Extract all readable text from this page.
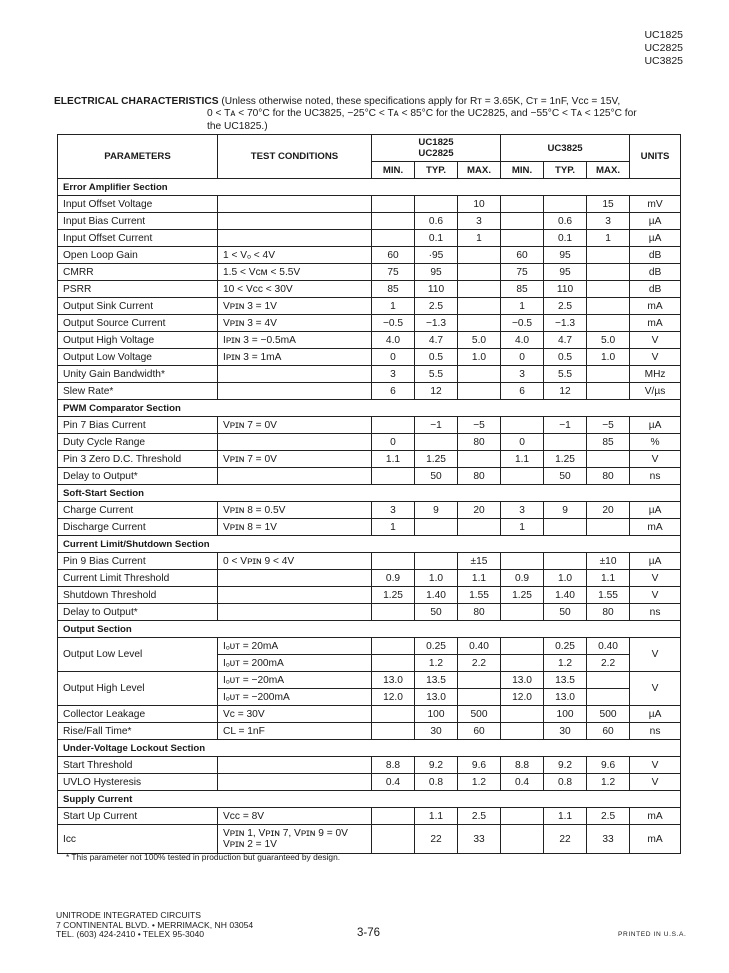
UC1825
UC2825
UC3825
ELECTRICAL CHARACTERISTICS (Unless otherwise noted, these specifications apply for Rᴛ = 3.65K, Cᴛ = 1nF, Vᴄᴄ = 15V,
0 < Tᴀ < 70°C for the UC3825, −25°C < Tᴀ < 85°C for the UC2825, and −55°C < Tᴀ < 125°C for
the UC1825.)
PARAMETERS	TEST CONDITIONS	UC1825
UC2825			UC3825			UNITS
		MIN.	TYP.	MAX.	MIN.	TYP.	MAX.	
Error Amplifier Section								
Input Offset Voltage				10			15	mV
Input Bias Current			0.6	3		0.6	3	µA
Input Offset Current			0.1	1		0.1	1	µA
Open Loop Gain	1 < Vₒ < 4V	60	·95		60	95		dB
CMRR	1.5 < Vᴄᴍ < 5.5V	75	95		75	95		dB
PSRR	10 < Vᴄᴄ < 30V	85	110		85	110		dB
Output Sink Current	Vᴘɪɴ 3 = 1V	1	2.5		1	2.5		mA
Output Source Current	Vᴘɪɴ 3 = 4V	−0.5	−1.3		−0.5	−1.3		mA
Output High Voltage	Iᴘɪɴ 3 = −0.5mA	4.0	4.7	5.0	4.0	4.7	5.0	V
Output Low Voltage	Iᴘɪɴ 3 = 1mA	0	0.5	1.0	0	0.5	1.0	V
Unity Gain Bandwidth*		3	5.5		3	5.5		MHz
Slew Rate*		6	12		6	12		V/µs
PWM Comparator Section								
Pin 7 Bias Current	Vᴘɪɴ 7 = 0V		−1	−5		−1	−5	µA
Duty Cycle Range		0		80	0		85	%
Pin 3 Zero D.C. Threshold	Vᴘɪɴ 7 = 0V	1.1	1.25		1.1	1.25		V
Delay to Output*			50	80		50	80	ns
Soft-Start Section								
Charge Current	Vᴘɪɴ 8 = 0.5V	3	9	20	3	9	20	µA
Discharge Current	Vᴘɪɴ 8 = 1V	1			1			mA
Current Limit/Shutdown Section								
Pin 9 Bias Current	0 < Vᴘɪɴ 9 < 4V			±15			±10	µA
Current Limit Threshold		0.9	1.0	1.1	0.9	1.0	1.1	V
Shutdown Threshold		1.25	1.40	1.55	1.25	1.40	1.55	V
Delay to Output*			50	80		50	80	ns
Output Section								
Output Low Level	Iₒᴜᴛ = 20mA		0.25	0.40		0.25	0.40	V
	Iₒᴜᴛ = 200mA		1.2	2.2		1.2	2.2	
Output High Level	Iₒᴜᴛ = −20mA	13.0	13.5		13.0	13.5		V
	Iₒᴜᴛ = −200mA	12.0	13.0		12.0	13.0		
Collector Leakage	Vᴄ = 30V		100	500		100	500	µA
Rise/Fall Time*	CL = 1nF		30	60		30	60	ns
Under-Voltage Lockout Section								
Start Threshold		8.8	9.2	9.6	8.8	9.2	9.6	V
UVLO Hysteresis		0.4	0.8	1.2	0.4	0.8	1.2	V
Supply Current								
Start Up Current	Vᴄᴄ = 8V		1.1	2.5		1.1	2.5	mA
Iᴄᴄ	Vᴘɪɴ 1, Vᴘɪɴ 7, Vᴘɪɴ 9 = 0V
Vᴘɪɴ 2 = 1V		22	33		22	33	mA
* This parameter not 100% tested in production but guaranteed by design.
UNITRODE INTEGRATED CIRCUITS
7 CONTINENTAL BLVD. • MERRIMACK, NH 03054
TEL. (603) 424-2410 • TELEX 95-3040	3-76	PRINTED IN U.S.A.
